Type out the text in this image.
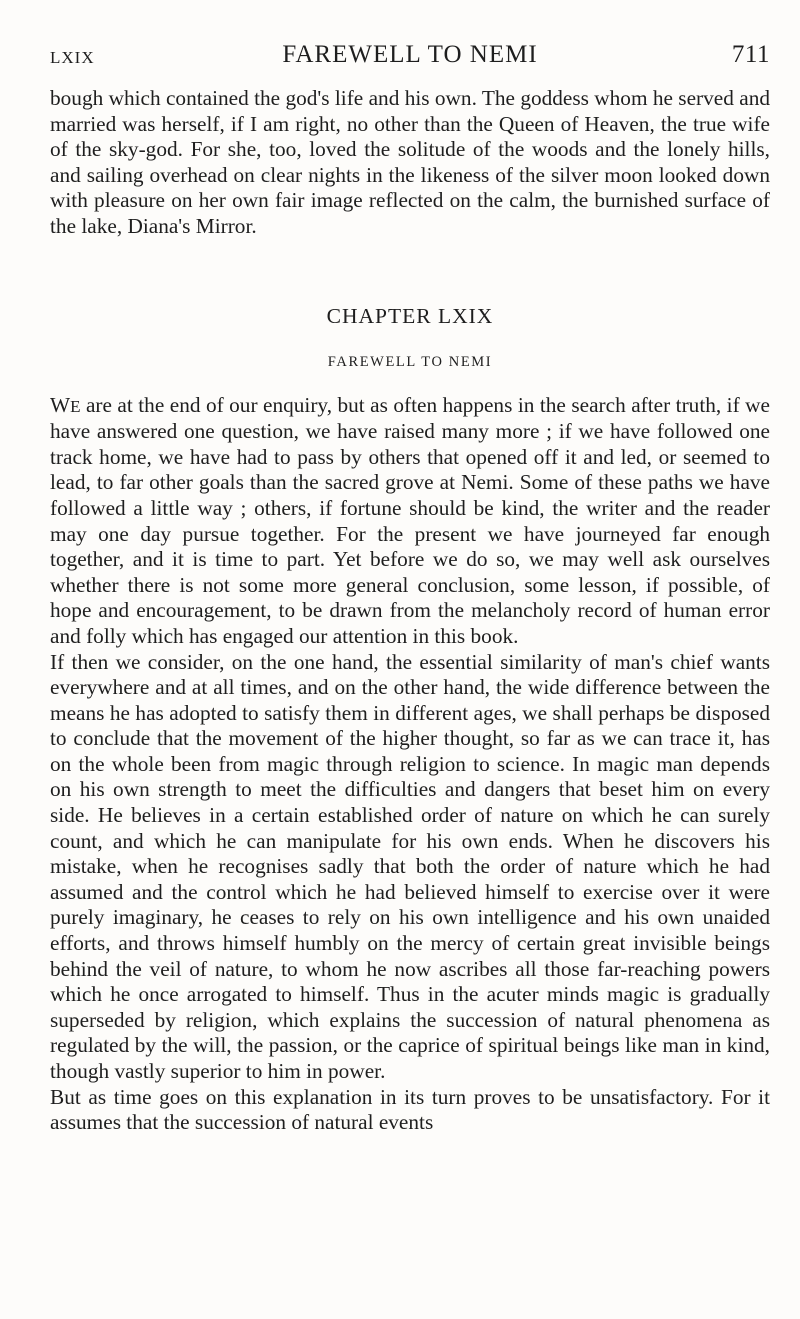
LXIX	FAREWELL TO NEMI	711

bough which contained the god's life and his own. The goddess whom he served and married was herself, if I am right, no other than the Queen of Heaven, the true wife of the sky-god. For she, too, loved the solitude of the woods and the lonely hills, and sailing overhead on clear nights in the likeness of the silver moon looked down with pleasure on her own fair image reflected on the calm, the burnished surface of the lake, Diana's Mirror.

CHAPTER LXIX
FAREWELL TO NEMI

WE are at the end of our enquiry, but as often happens in the search after truth, if we have answered one question, we have raised many more ; if we have followed one track home, we have had to pass by others that opened off it and led, or seemed to lead, to far other goals than the sacred grove at Nemi. Some of these paths we have followed a little way ; others, if fortune should be kind, the writer and the reader may one day pursue together. For the present we have journeyed far enough together, and it is time to part. Yet before we do so, we may well ask ourselves whether there is not some more general conclusion, some lesson, if possible, of hope and encouragement, to be drawn from the melancholy record of human error and folly which has engaged our attention in this book.

If then we consider, on the one hand, the essential similarity of man's chief wants everywhere and at all times, and on the other hand, the wide difference between the means he has adopted to satisfy them in different ages, we shall perhaps be disposed to conclude that the movement of the higher thought, so far as we can trace it, has on the whole been from magic through religion to science. In magic man depends on his own strength to meet the difficulties and dangers that beset him on every side. He believes in a certain established order of nature on which he can surely count, and which he can manipulate for his own ends. When he discovers his mistake, when he recognises sadly that both the order of nature which he had assumed and the control which he had believed himself to exercise over it were purely imaginary, he ceases to rely on his own intelligence and his own unaided efforts, and throws himself humbly on the mercy of certain great invisible beings behind the veil of nature, to whom he now ascribes all those far-reaching powers which he once arrogated to himself. Thus in the acuter minds magic is gradually superseded by religion, which explains the succession of natural phenomena as regulated by the will, the passion, or the caprice of spiritual beings like man in kind, though vastly superior to him in power.

But as time goes on this explanation in its turn proves to be unsatisfactory. For it assumes that the succession of natural events
